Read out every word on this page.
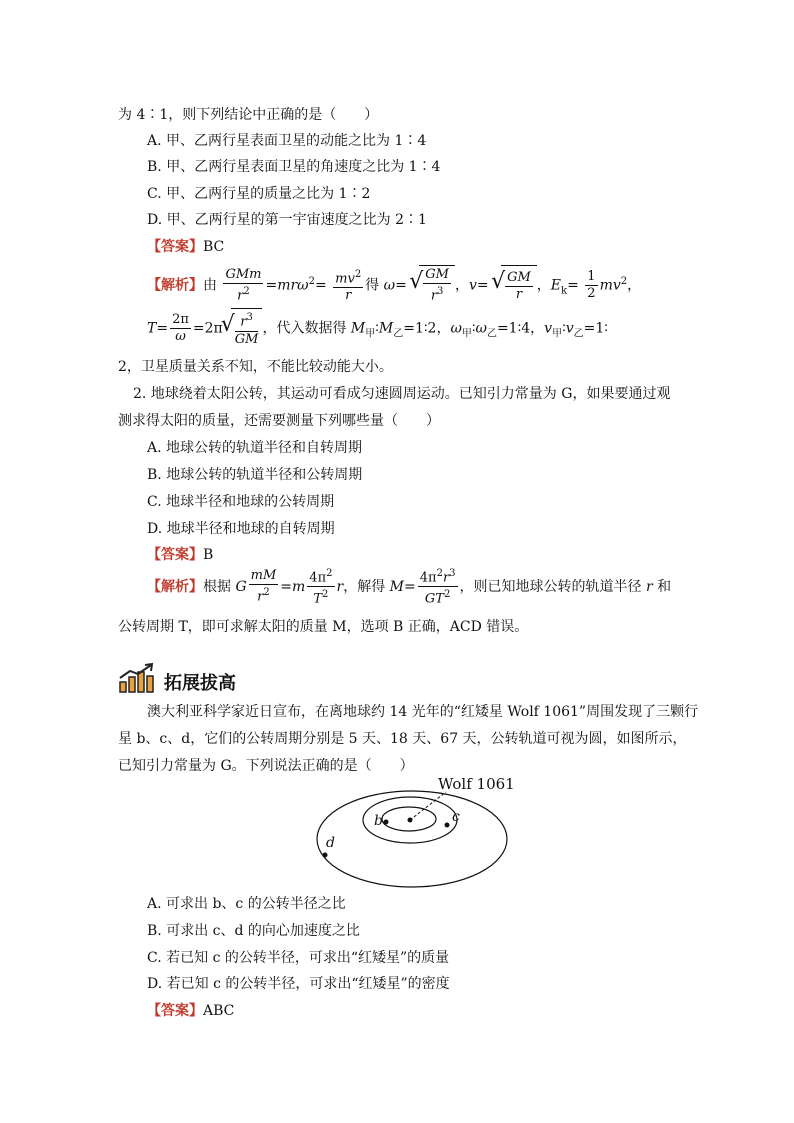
为 4∶1，则下列结论中正确的是（　　）
A. 甲、乙两行星表面卫星的动能之比为 1∶4
B. 甲、乙两行星表面卫星的角速度之比为 1∶4
C. 甲、乙两行星的质量之比为 1∶2
D. 甲、乙两行星的第一宇宙速度之比为 2∶1
【答案】BC
【解析】由 $\frac{\text{GMm}}{r^2} =mr\omega^2= \frac{mv^2}{r}$ 得 ω= √ $\frac{GM}{r^3}$ ，v= √ $\frac{GM}{r}$ ，$E_k= \frac{1}{2} mv^2$，
$T= \frac{2\pi}{\omega} =2\pi$ √ $\frac{r^3}{GM}$ ，代入数据得 $M_甲∶M_乙=1∶2$，$\omega_甲∶\omega_乙=1∶4$，$v_甲∶v_乙=1∶$
2，卫星质量关系不知，不能比较动能大小。
2. 地球绕着太阳公转，其运动可看成匀速圆周运动。已知引力常量为 G，如果要通过观
测求得太阳的质量，还需要测量下列哪些量（　　）
A. 地球公转的轨道半径和自转周期
B. 地球公转的轨道半径和公转周期
C. 地球半径和地球的公转周期
D. 地球半径和地球的自转周期
【答案】B
【解析】根据 G $\frac{mM}{r^2} =m \frac{4\pi^2}{T^2}$ r，解得 $M= \frac{4\pi^2r^3}{GT^2}$ ，则已知地球公转的轨道半径 r 和
公转周期 T，即可求解太阳的质量 M，选项 B 正确，ACD 错误。
拓展拔高
澳大利亚科学家近日宣布，在离地球约 14 光年的“红矮星 Wolf 1061”周围发现了三颗行
星 b、c、d，它们的公转周期分别是 5 天、18 天、67 天，公转轨道可视为圆，如图所示，
已知引力常量为 G。下列说法正确的是（　　）
Wolf 1061
b	c
d
A. 可求出 b、c 的公转半径之比
B. 可求出 c、d 的向心加速度之比
C. 若已知 c 的公转半径，可求出“红矮星”的质量
D. 若已知 c 的公转半径，可求出“红矮星”的密度
【答案】ABC
